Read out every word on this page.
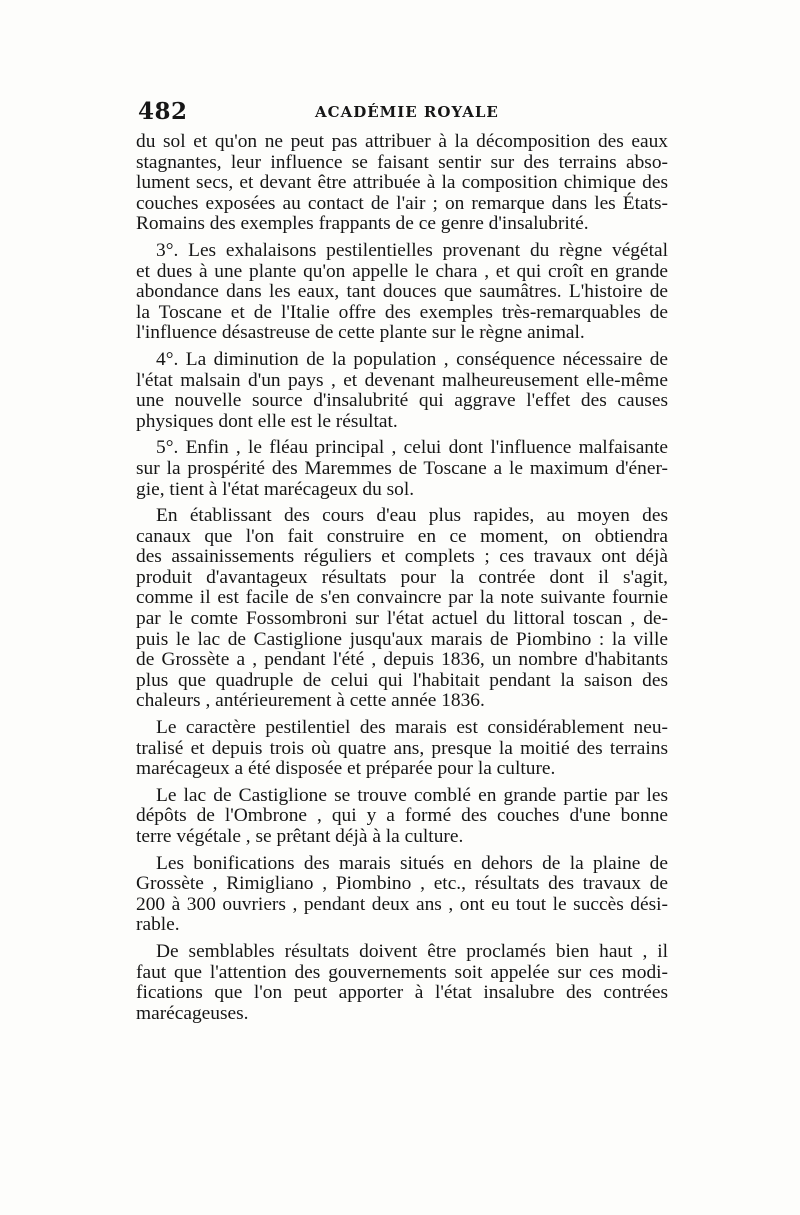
482	ACADÉMIE ROYALE
du sol et qu'on ne peut pas attribuer à la décomposition des eaux
stagnantes, leur influence se faisant sentir sur des terrains abso-
lument secs, et devant être attribuée à la composition chimique des
couches exposées au contact de l'air ; on remarque dans les États-
Romains des exemples frappants de ce genre d'insalubrité.
3°. Les exhalaisons pestilentielles provenant du règne végétal
et dues à une plante qu'on appelle le chara , et qui croît en grande
abondance dans les eaux, tant douces que saumâtres. L'histoire de
la Toscane et de l'Italie offre des exemples très-remarquables de
l'influence désastreuse de cette plante sur le règne animal.
4°. La diminution de la population , conséquence nécessaire de
l'état malsain d'un pays , et devenant malheureusement elle-même
une nouvelle source d'insalubrité qui aggrave l'effet des causes
physiques dont elle est le résultat.
5°. Enfin , le fléau principal , celui dont l'influence malfaisante
sur la prospérité des Maremmes de Toscane a le maximum d'éner-
gie, tient à l'état marécageux du sol.
En établissant des cours d'eau plus rapides, au moyen des
canaux que l'on fait construire en ce moment, on obtiendra
des assainissements réguliers et complets ; ces travaux ont déjà
produit d'avantageux résultats pour la contrée dont il s'agit,
comme il est facile de s'en convaincre par la note suivante fournie
par le comte Fossombroni sur l'état actuel du littoral toscan , de-
puis le lac de Castiglione jusqu'aux marais de Piombino : la ville
de Grossète a , pendant l'été , depuis 1836, un nombre d'habitants
plus que quadruple de celui qui l'habitait pendant la saison des
chaleurs , antérieurement à cette année 1836.
Le caractère pestilentiel des marais est considérablement neu-
tralisé et depuis trois où quatre ans, presque la moitié des terrains
marécageux a été disposée et préparée pour la culture.
Le lac de Castiglione se trouve comblé en grande partie par les
dépôts de l'Ombrone , qui y a formé des couches d'une bonne
terre végétale , se prêtant déjà à la culture.
Les bonifications des marais situés en dehors de la plaine de
Grossète , Rimigliano , Piombino , etc., résultats des travaux de
200 à 300 ouvriers , pendant deux ans , ont eu tout le succès dési-
rable.
De semblables résultats doivent être proclamés bien haut , il
faut que l'attention des gouvernements soit appelée sur ces modi-
fications que l'on peut apporter à l'état insalubre des contrées
marécageuses.
